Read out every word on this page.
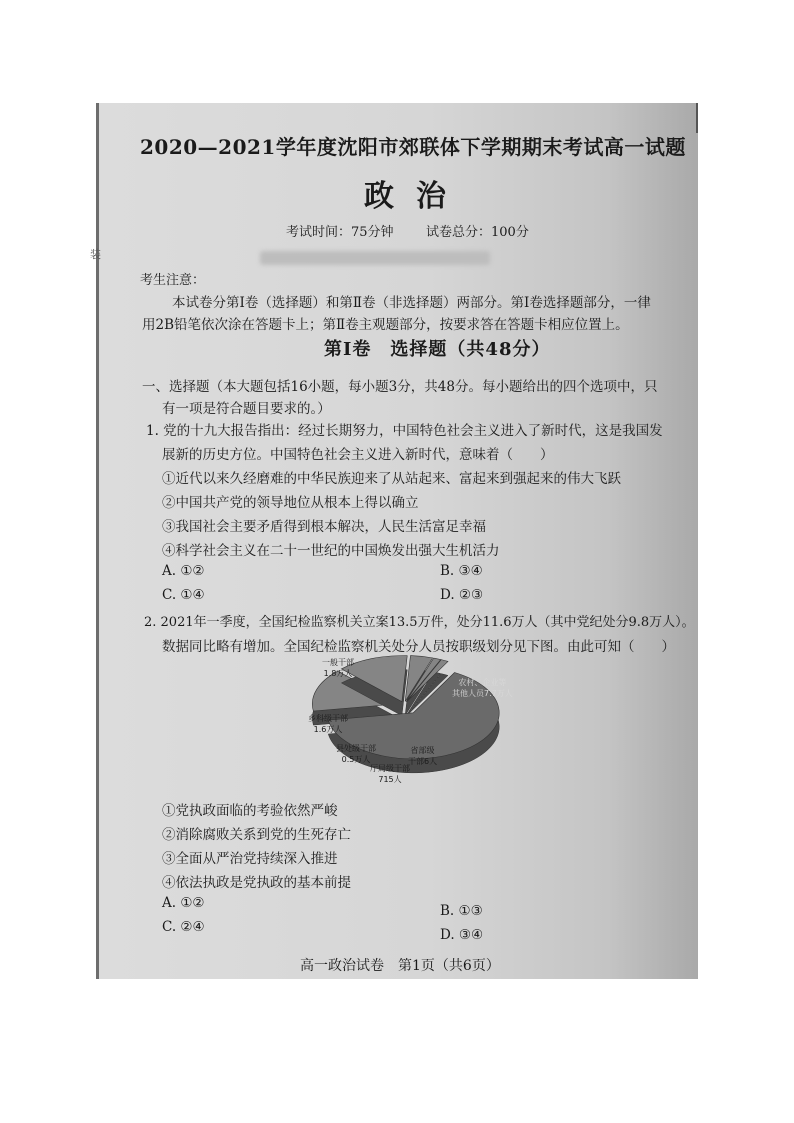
2020—2021学年度沈阳市郊联体下学期期末考试高一试题
政治
考试时间：75分钟 试卷总分：100分
考生注意：
本试卷分第Ⅰ卷（选择题）和第Ⅱ卷（非选择题）两部分。第Ⅰ卷选择题部分，一律
用2B铅笔依次涂在答题卡上；第Ⅱ卷主观题部分，按要求答在答题卡相应位置上。
第Ⅰ卷　选择题（共48分）
一、选择题（本大题包括16小题，每小题3分，共48分。每小题给出的四个选项中，只
有一项是符合题目要求的。）
1. 党的十九大报告指出：经过长期努力，中国特色社会主义进入了新时代，这是我国发
展新的历史方位。中国特色社会主义进入新时代，意味着（　　）
①近代以来久经磨难的中华民族迎来了从站起来、富起来到强起来的伟大飞跃
②中国共产党的领导地位从根本上得以确立
③我国社会主要矛盾得到根本解决，人民生活富足幸福
④科学社会主义在二十一世纪的中国焕发出强大生机活力
A. ①②	B. ③④
C. ①④	D. ②③
2. 2021年一季度，全国纪检监察机关立案13.5万件，处分11.6万人（其中党纪处分9.8万人）。
数据同比略有增加。全国纪检监察机关处分人员按职级划分见下图。由此可知（　　）
一般干部
1.8万人
乡科级干部
1.6万人
县处级干部
0.5万人
厅局级干部
715人
省部级
干部6人
农村、企业等
其他人员7.7万人
①党执政面临的考验依然严峻
②消除腐败关系到党的生死存亡
③全面从严治党持续深入推进
④依法执政是党执政的基本前提
A. ①②	B. ①③
C. ②④	D. ③④
高一政治试卷　第1页（共6页）
装
